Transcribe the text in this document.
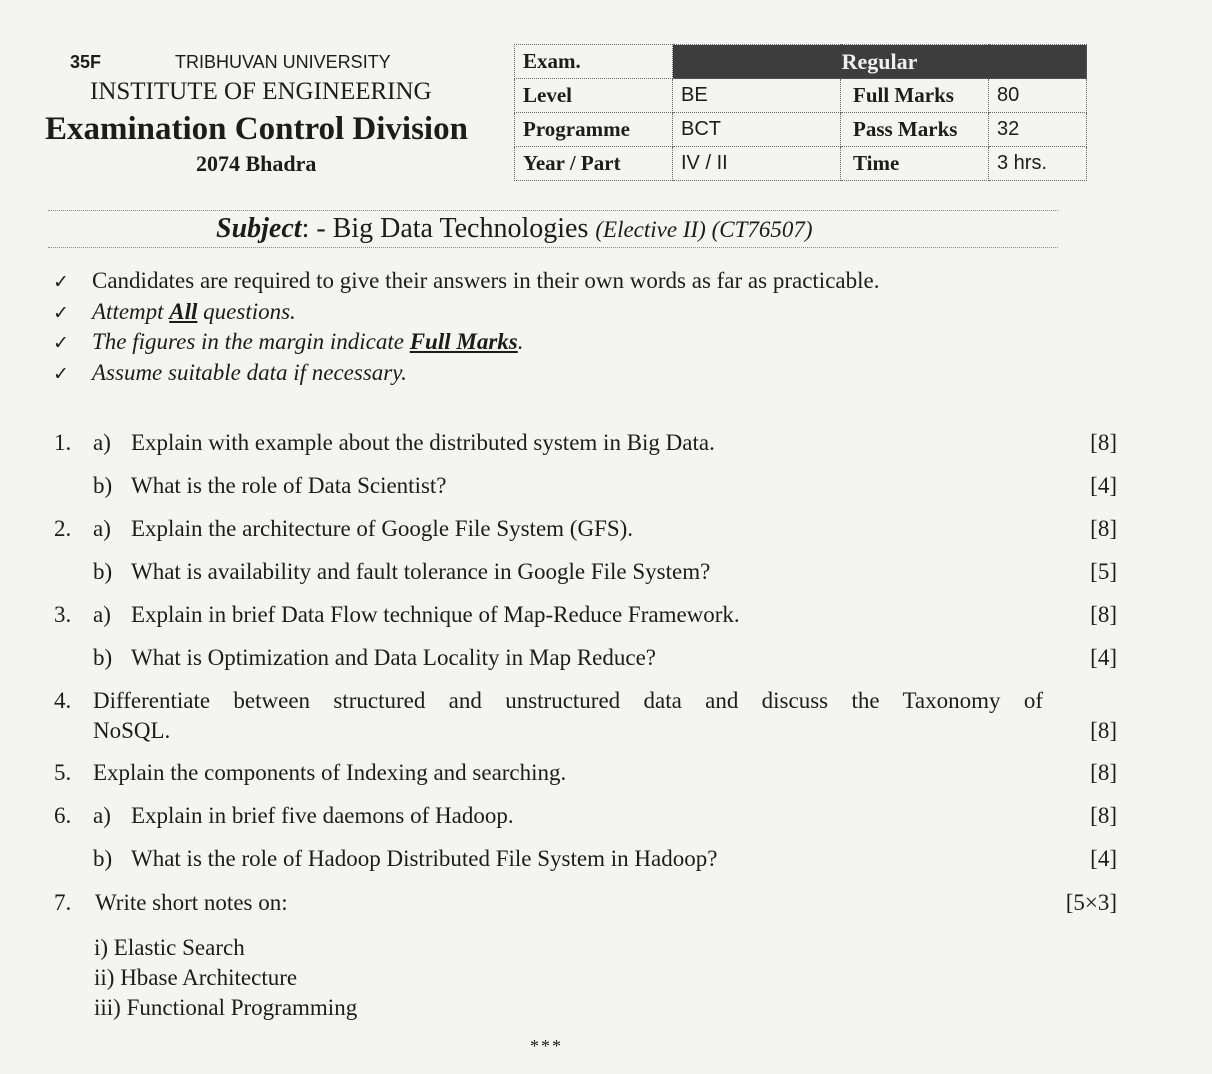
35F	TRIBHUVAN UNIVERSITY
INSTITUTE OF ENGINEERING
Examination Control Division
2074 Bhadra
Exam.	Regular		
Level	BE	Full Marks	80
Programme	BCT	Pass Marks	32
Year / Part	IV / II	Time	3 hrs.
Subject: - Big Data Technologies (Elective II) (CT76507)
✓ Candidates are required to give their answers in their own words as far as practicable.
✓ Attempt All questions.
✓ The figures in the margin indicate Full Marks.
✓ Assume suitable data if necessary.
1. a) Explain with example about the distributed system in Big Data.	[8]
b) What is the role of Data Scientist?	[4]
2. a) Explain the architecture of Google File System (GFS).	[8]
b) What is availability and fault tolerance in Google File System?	[5]
3. a) Explain in brief Data Flow technique of Map-Reduce Framework.	[8]
b) What is Optimization and Data Locality in Map Reduce?	[4]
4. Differentiate between structured and unstructured data and discuss the Taxonomy of
NoSQL.	[8]
5. Explain the components of Indexing and searching.	[8]
6. a) Explain in brief five daemons of Hadoop.	[8]
b) What is the role of Hadoop Distributed File System in Hadoop?	[4]
7. Write short notes on:	[5×3]
i) Elastic Search
ii) Hbase Architecture
iii) Functional Programming
***
